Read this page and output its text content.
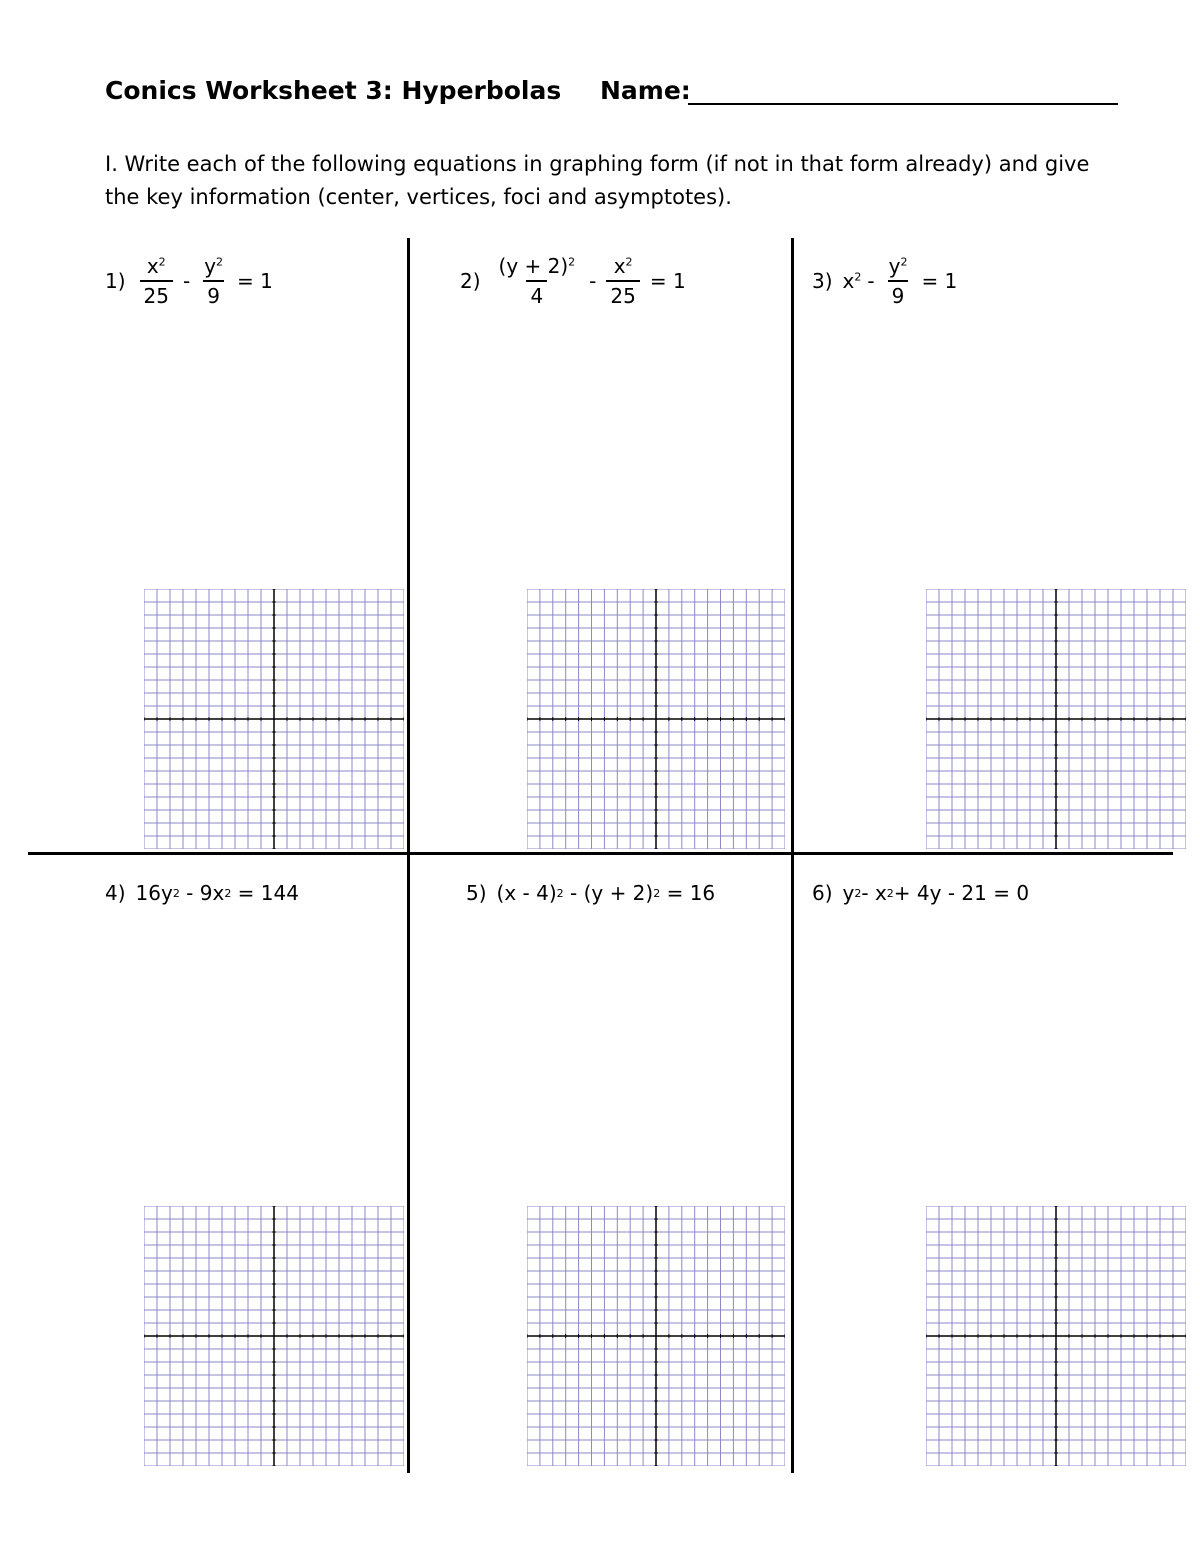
Conics Worksheet 3: Hyperbolas Name:
I. Write each of the following equations in graphing form (if not in that form already) and give the key information (center, vertices, foci and asymptotes).
$1) \frac{x^2}{25} - \frac{y^2}{9} = 1$	$2) \frac{(y + 2)^2}{4} - \frac{x^2}{25} = 1$	3) $x^2 - \frac{y^2}{9} = 1$
4) 16y 2 - 9x 2 = 144	5) (x - 4) 2 - (y + 2) 2 = 16	6) y 2 - x 2 + 4y - 21 = 0
